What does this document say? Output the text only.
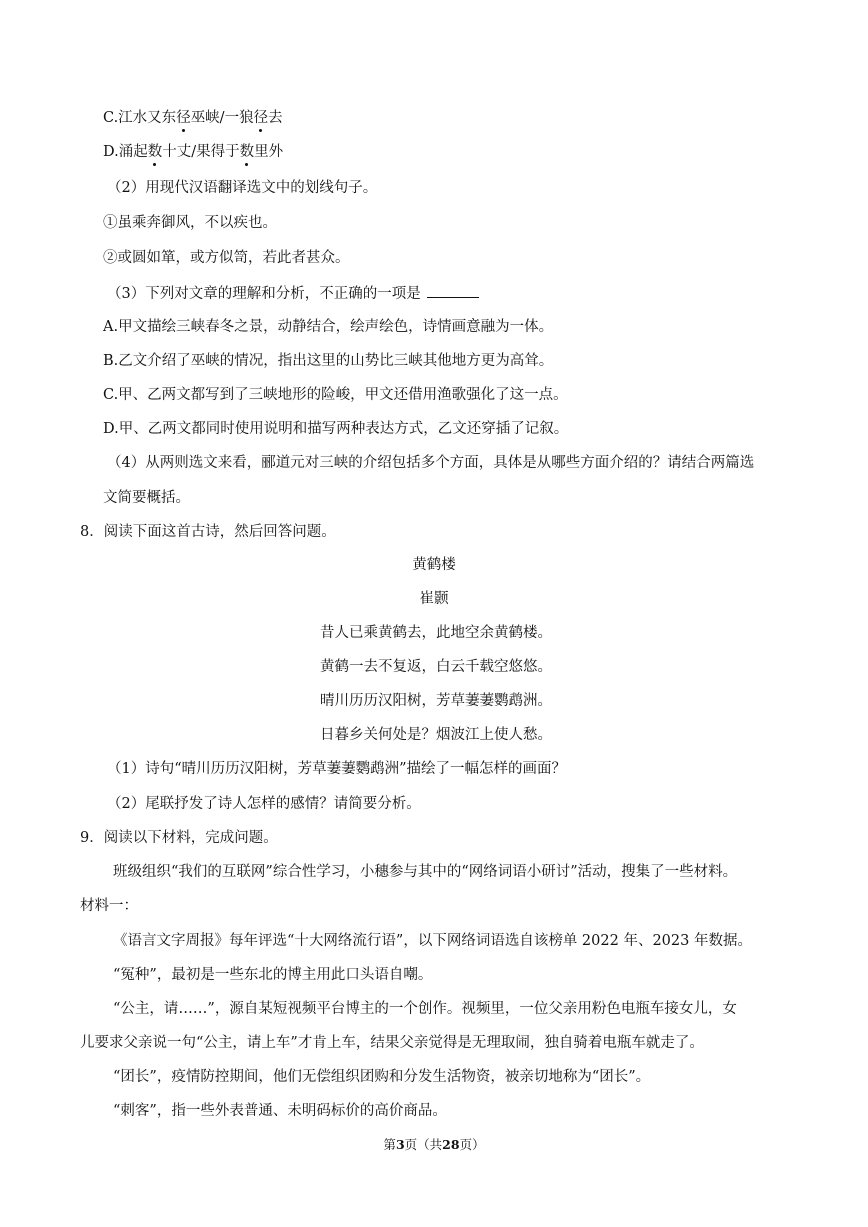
C.江水又东径巫峡/一狼径去
D.涌起数十丈/果得于数里外
（2）用现代汉语翻译选文中的划线句子。
①虽乘奔御风，不以疾也。
②或圆如箪，或方似笥，若此者甚众。
（3）下列对文章的理解和分析，不正确的一项是
A.甲文描绘三峡春冬之景，动静结合，绘声绘色，诗情画意融为一体。
B.乙文介绍了巫峡的情况，指出这里的山势比三峡其他地方更为高耸。
C.甲、乙两文都写到了三峡地形的险峻，甲文还借用渔歌强化了这一点。
D.甲、乙两文都同时使用说明和描写两种表达方式，乙文还穿插了记叙。
（4）从两则选文来看，郦道元对三峡的介绍包括多个方面，具体是从哪些方面介绍的？请结合两篇选
文简要概括。
8．阅读下面这首古诗，然后回答问题。
黄鹤楼
崔颢
昔人已乘黄鹤去，此地空余黄鹤楼。
黄鹤一去不复返，白云千载空悠悠。
晴川历历汉阳树，芳草萋萋鹦鹉洲。
日暮乡关何处是？烟波江上使人愁。
（1）诗句“晴川历历汉阳树，芳草萋萋鹦鹉洲”描绘了一幅怎样的画面？
（2）尾联抒发了诗人怎样的感情？请简要分析。
9．阅读以下材料，完成问题。
班级组织“我们的互联网”综合性学习，小穗参与其中的“网络词语小研讨”活动，搜集了一些材料。
材料一：
《语言文字周报》每年评选“十大网络流行语”，以下网络词语选自该榜单 2022 年、2023 年数据。
“冤种”，最初是一些东北的博主用此口头语自嘲。
“公主，请……”，源自某短视频平台博主的一个创作。视频里，一位父亲用粉色电瓶车接女儿，女
儿要求父亲说一句“公主，请上车”才肯上车，结果父亲觉得是无理取闹，独自骑着电瓶车就走了。
“团长”，疫情防控期间，他们无偿组织团购和分发生活物资，被亲切地称为“团长”。
“刺客”，指一些外表普通、未明码标价的高价商品。
第3页（共28页）
